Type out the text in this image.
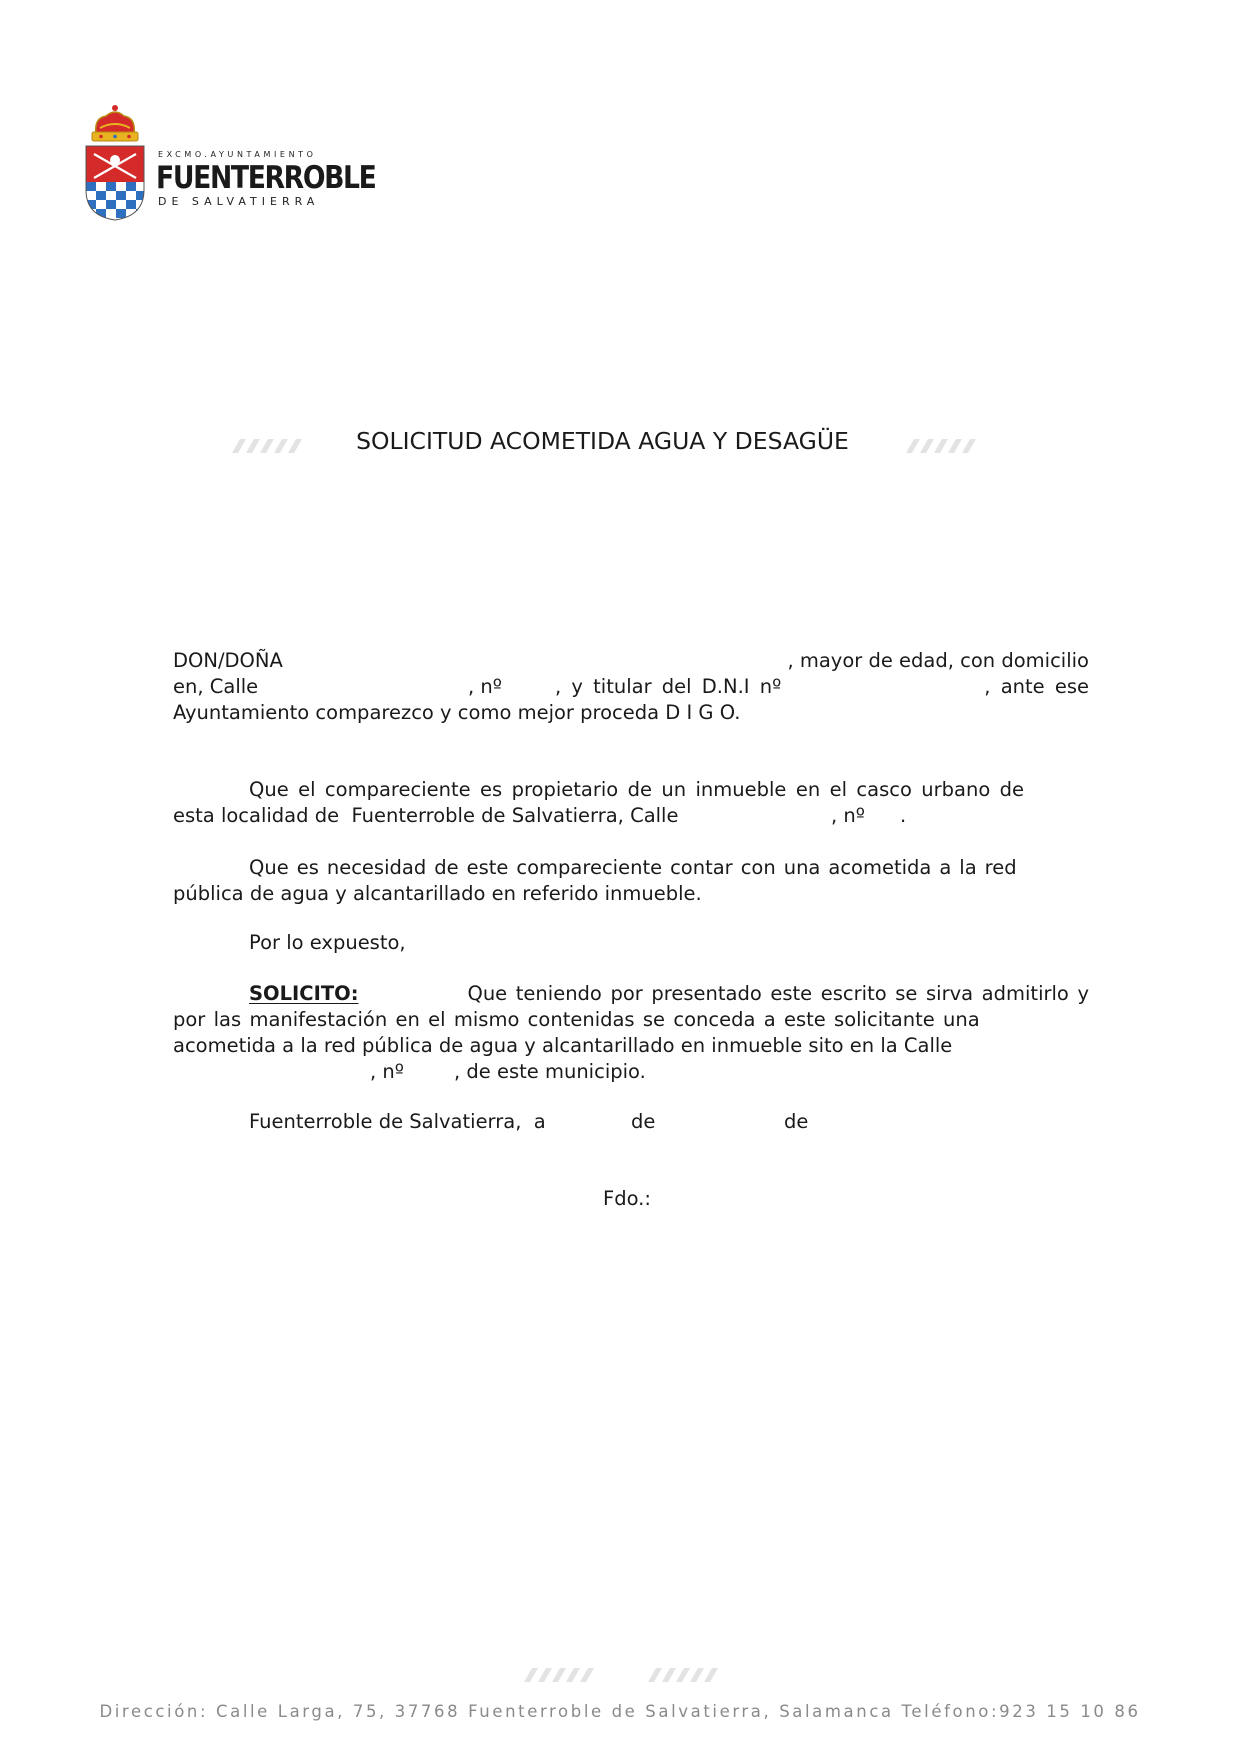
EXCMO.AYUNTAMIENTO
FUENTERROBLE
DE SALVATIERRA
SOLICITUD ACOMETIDA AGUA Y DESAGÜE
DON/DOÑA	, mayor de edad, con domicilio
en, Calle	, nº	, y titular del D.N.I nº	, ante ese
Ayuntamiento comparezco y como mejor proceda D I G O.
Que el compareciente es propietario de un inmueble en el casco urbano de
esta localidad de  Fuenterroble de Salvatierra, Calle	, nº .
Que es necesidad de este compareciente contar con una acometida a la red
pública de agua y alcantarillado en referido inmueble.
Por lo expuesto,
SOLICITO:	Que teniendo por presentado este escrito se sirva admitirlo y
por las manifestación en el mismo contenidas se conceda a este solicitante una
acometida a la red pública de agua y alcantarillado en inmueble sito en la Calle
, nº	, de este municipio.
Fuenterroble de Salvatierra,  a	de	de
Fdo.:
Dirección: Calle Larga, 75, 37768 Fuenterroble de Salvatierra, Salamanca Teléfono:923 15 10 86
